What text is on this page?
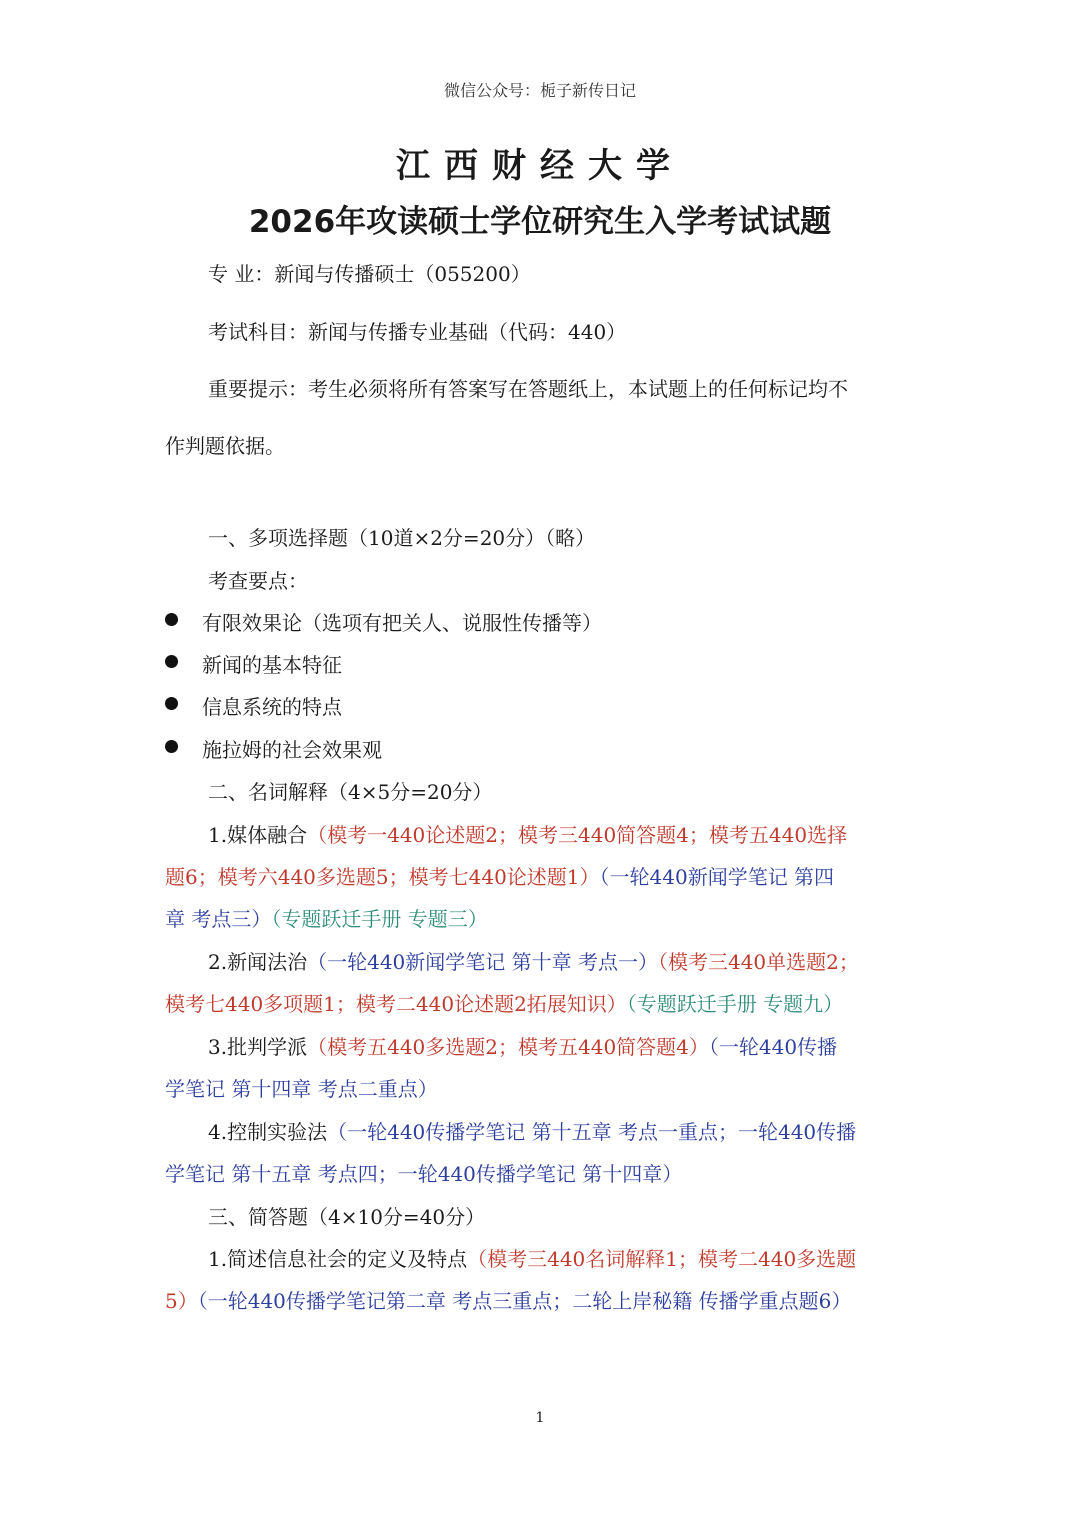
微信公众号：栀子新传日记
江西财经大学
2026年攻读硕士学位研究生入学考试试题
专 业：新闻与传播硕士（055200）
考试科目：新闻与传播专业基础（代码：440）
重要提示：考生必须将所有答案写在答题纸上，本试题上的任何标记均不
作判题依据。
一、多项选择题（10道×2分=20分）（略）
考查要点：
有限效果论（选项有把关人、说服性传播等）
新闻的基本特征
信息系统的特点
施拉姆的社会效果观
二、名词解释（4×5分=20分）
1.媒体融合（模考一440论述题2；模考三440简答题4；模考五440选择
题6；模考六440多选题5；模考七440论述题1）（一轮440新闻学笔记 第四
章 考点三）（专题跃迁手册 专题三）
2.新闻法治（一轮440新闻学笔记 第十章 考点一）（模考三440单选题2；
模考七440多项题1；模考二440论述题2拓展知识）（专题跃迁手册 专题九）
3.批判学派（模考五440多选题2；模考五440简答题4）（一轮440传播
学笔记 第十四章 考点二重点）
4.控制实验法（一轮440传播学笔记 第十五章 考点一重点；一轮440传播
学笔记 第十五章 考点四；一轮440传播学笔记 第十四章）
三、简答题（4×10分=40分）
1.简述信息社会的定义及特点（模考三440名词解释1；模考二440多选题
5）（一轮440传播学笔记第二章 考点三重点；二轮上岸秘籍 传播学重点题6）
1
